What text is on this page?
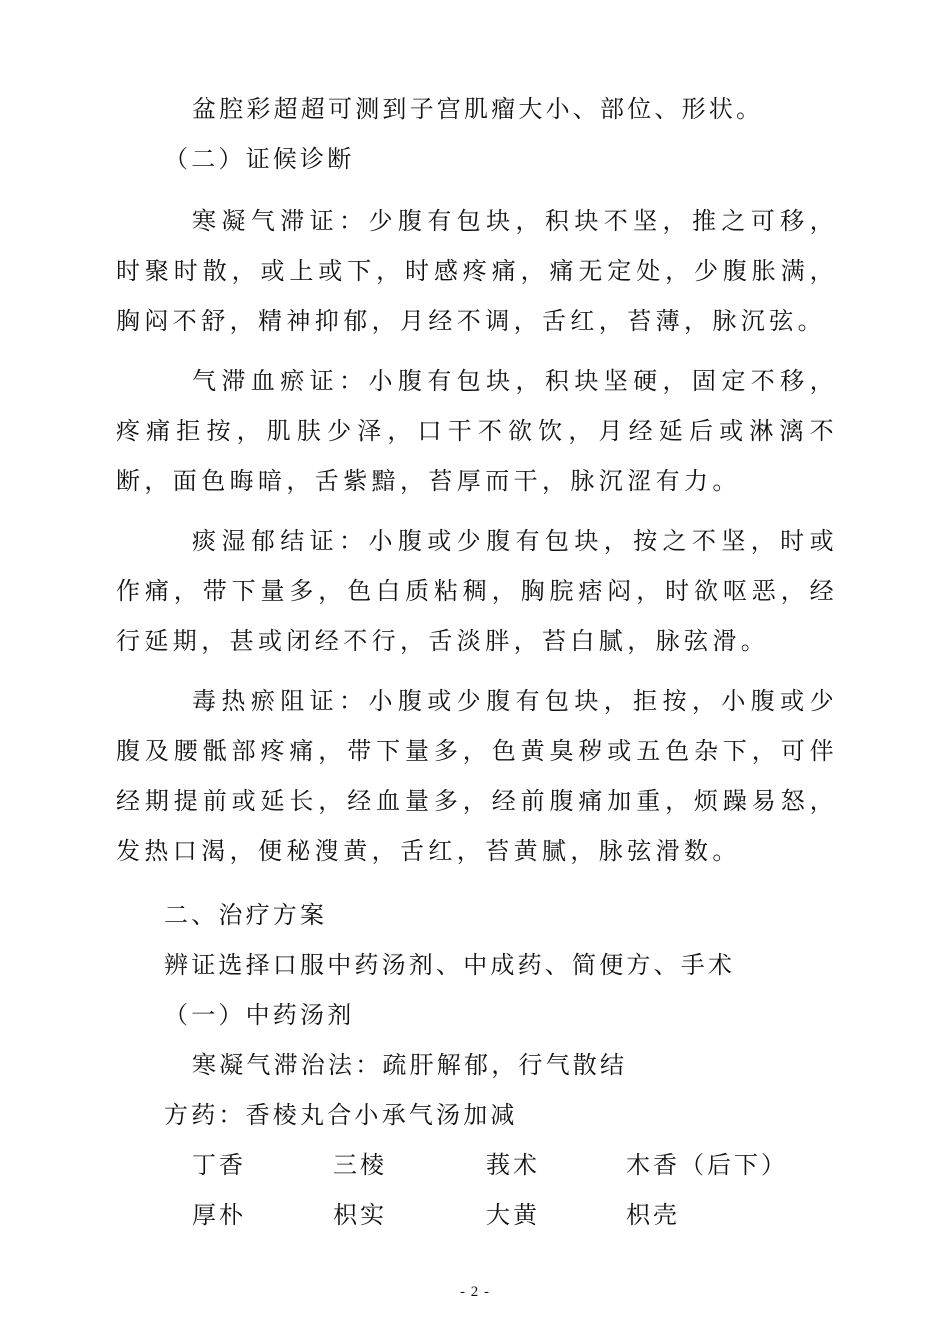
盆腔彩超超可测到子宫肌瘤大小、部位、形状。
（二）证候诊断

寒凝气滞证：少腹有包块，积块不坚，推之可移，时聚时散，或上或下，时感疼痛，痛无定处，少腹胀满，胸闷不舒，精神抑郁，月经不调，舌红，苔薄，脉沉弦。

气滞血瘀证：小腹有包块，积块坚硬，固定不移，疼痛拒按，肌肤少泽，口干不欲饮，月经延后或淋漓不断，面色晦暗，舌紫黯，苔厚而干，脉沉涩有力。

痰湿郁结证：小腹或少腹有包块，按之不坚，时或作痛，带下量多，色白质粘稠，胸脘痞闷，时欲呕恶，经行延期，甚或闭经不行，舌淡胖，苔白腻，脉弦滑。

毒热瘀阻证：小腹或少腹有包块，拒按，小腹或少腹及腰骶部疼痛，带下量多，色黄臭秽或五色杂下，可伴经期提前或延长，经血量多，经前腹痛加重，烦躁易怒，发热口渴，便秘溲黄，舌红，苔黄腻，脉弦滑数。

二、治疗方案
辨证选择口服中药汤剂、中成药、简便方、手术
（一）中药汤剂
寒凝气滞治法：疏肝解郁，行气散结
方药：香棱丸合小承气汤加减
丁香	三棱	莪术	木香（后下）
厚朴	枳实	大黄	枳壳
- 2 -
